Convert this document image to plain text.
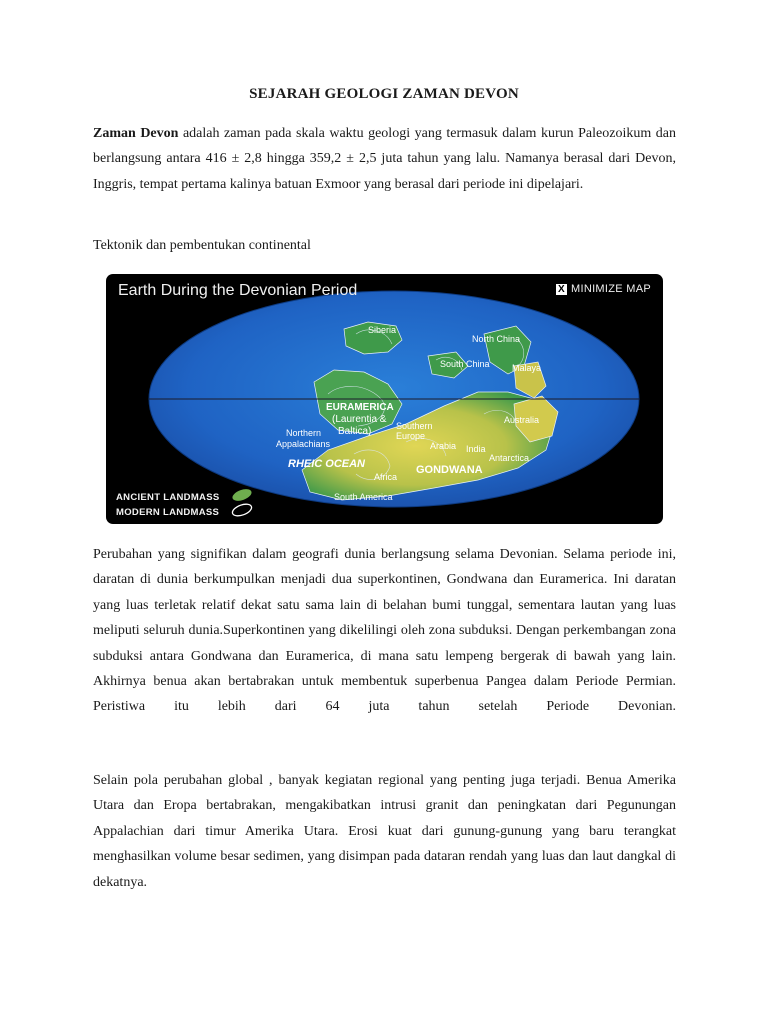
SEJARAH GEOLOGI ZAMAN DEVON

Zaman Devon adalah zaman pada skala waktu geologi yang termasuk dalam kurun Paleozoikum dan berlangsung antara 416 ± 2,8 hingga 359,2 ± 2,5 juta tahun yang lalu. Namanya berasal dari Devon, Inggris, tempat pertama kalinya batuan Exmoor yang berasal dari periode ini dipelajari.

Tektonik dan pembentukan continental

Siberia
North China
South China Malaya
EURAMERICA
(Laurentia &
Baltica)
Australia
Northern
Appalachians
Southern
Europe
Arabia India
Antarctica
RHEIC OCEAN	GONDWANA
Africa
South America
Earth During the Devonian Period	X MINIMIZE MAP
ANCIENT LANDMASS
MODERN LANDMASS

Perubahan yang signifikan dalam geografi dunia berlangsung selama Devonian. Selama periode ini, daratan di dunia berkumpulkan menjadi dua superkontinen, Gondwana dan Euramerica. Ini daratan yang luas terletak relatif dekat satu sama lain di belahan bumi tunggal, sementara lautan yang luas meliputi seluruh dunia.Superkontinen yang dikelilingi oleh zona subduksi. Dengan perkembangan zona subduksi antara Gondwana dan Euramerica, di mana satu lempeng bergerak di bawah yang lain. Akhirnya benua akan bertabrakan untuk membentuk superbenua Pangea dalam Periode Permian. Peristiwa itu lebih dari 64 juta tahun setelah Periode Devonian.

Selain pola perubahan global , banyak kegiatan regional yang penting juga terjadi. Benua Amerika Utara dan Eropa bertabrakan, mengakibatkan intrusi granit dan peningkatan dari Pegunungan Appalachian dari timur Amerika Utara. Erosi kuat dari gunung-gunung yang baru terangkat menghasilkan volume besar sedimen, yang disimpan pada dataran rendah yang luas dan laut dangkal di dekatnya.
